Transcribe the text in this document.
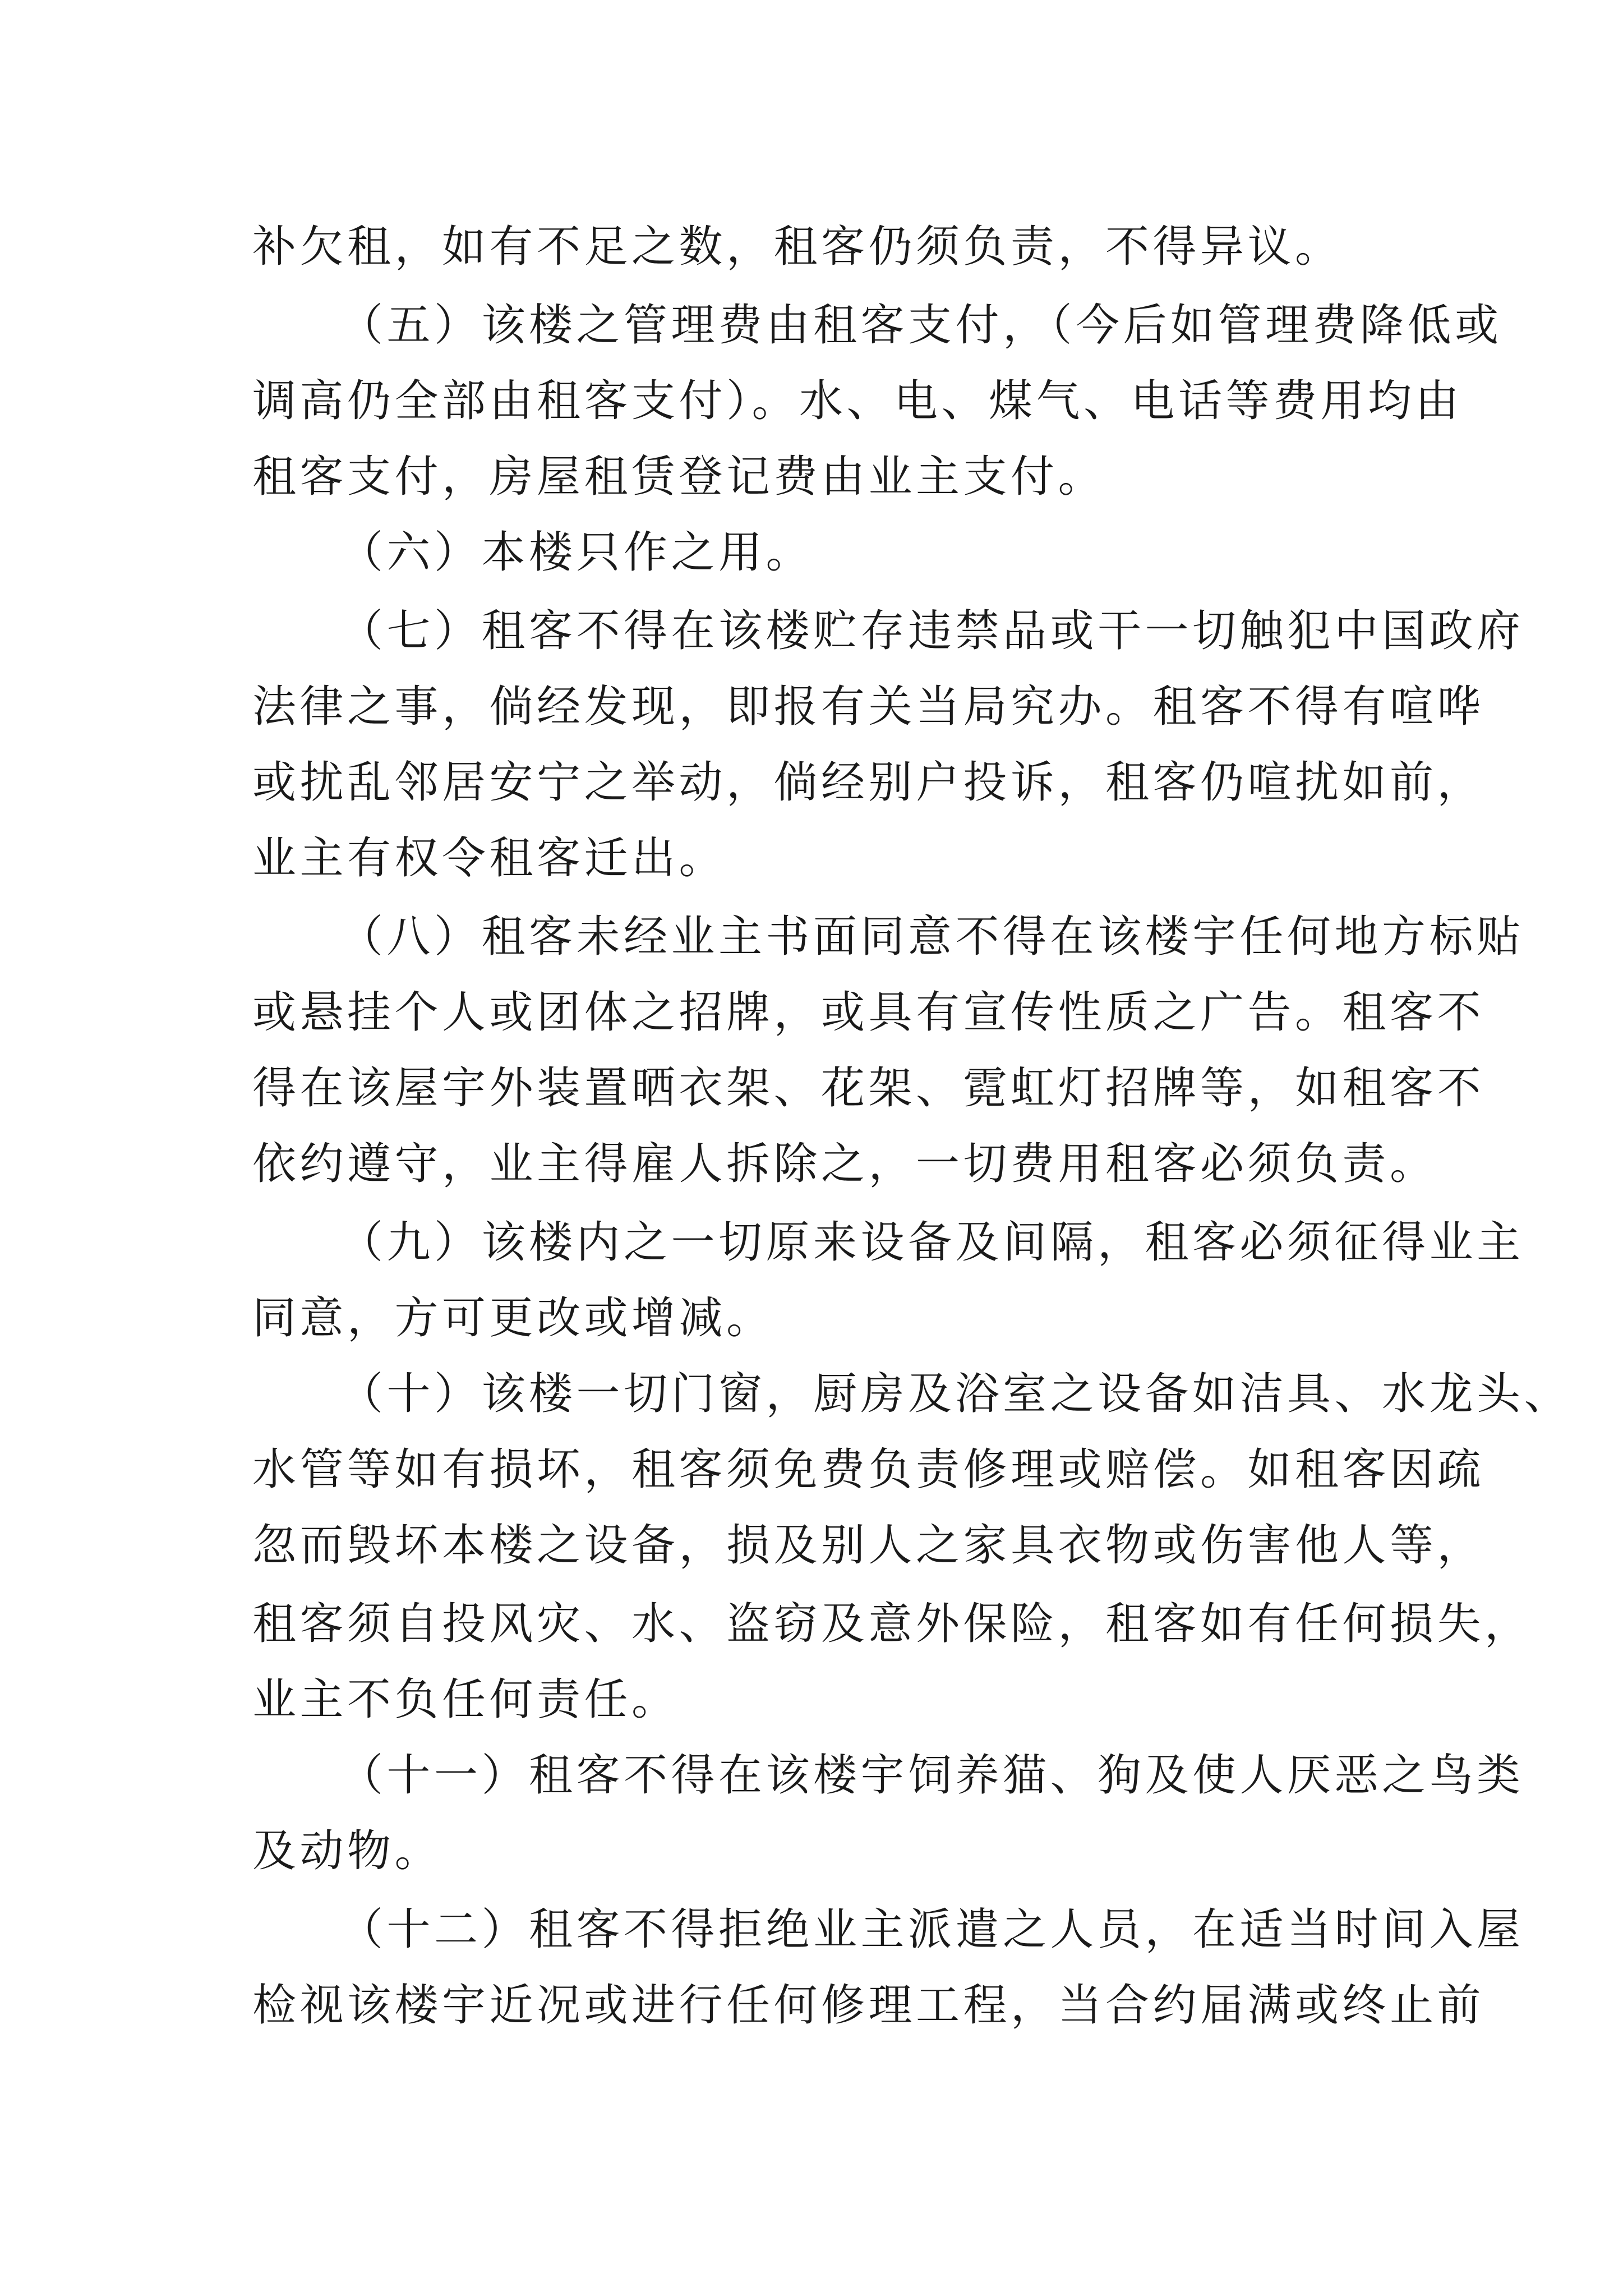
补欠租，如有不足之数，租客仍须负责，不得异议。
（五）该楼之管理费由租客支付，（今后如管理费降低或
调高仍全部由租客支付）。水、电、煤气、电话等费用均由
租客支付，房屋租赁登记费由业主支付。
（六）本楼只作之用。
（七）租客不得在该楼贮存违禁品或干一切触犯中国政府
法律之事，倘经发现，即报有关当局究办。租客不得有喧哗
或扰乱邻居安宁之举动，倘经别户投诉，租客仍喧扰如前，
业主有权令租客迁出。
（八）租客未经业主书面同意不得在该楼宇任何地方标贴
或悬挂个人或团体之招牌，或具有宣传性质之广告。租客不
得在该屋宇外装置晒衣架、花架、霓虹灯招牌等，如租客不
依约遵守，业主得雇人拆除之，一切费用租客必须负责。
（九）该楼内之一切原来设备及间隔，租客必须征得业主
同意，方可更改或增减。
（十）该楼一切门窗，厨房及浴室之设备如洁具、水龙头、
水管等如有损坏，租客须免费负责修理或赔偿。如租客因疏
忽而毁坏本楼之设备，损及别人之家具衣物或伤害他人等，
租客须自投风灾、水、盗窃及意外保险，租客如有任何损失，
业主不负任何责任。
（十一）租客不得在该楼宇饲养猫、狗及使人厌恶之鸟类
及动物。
（十二）租客不得拒绝业主派遣之人员，在适当时间入屋
检视该楼宇近况或进行任何修理工程，当合约届满或终止前
